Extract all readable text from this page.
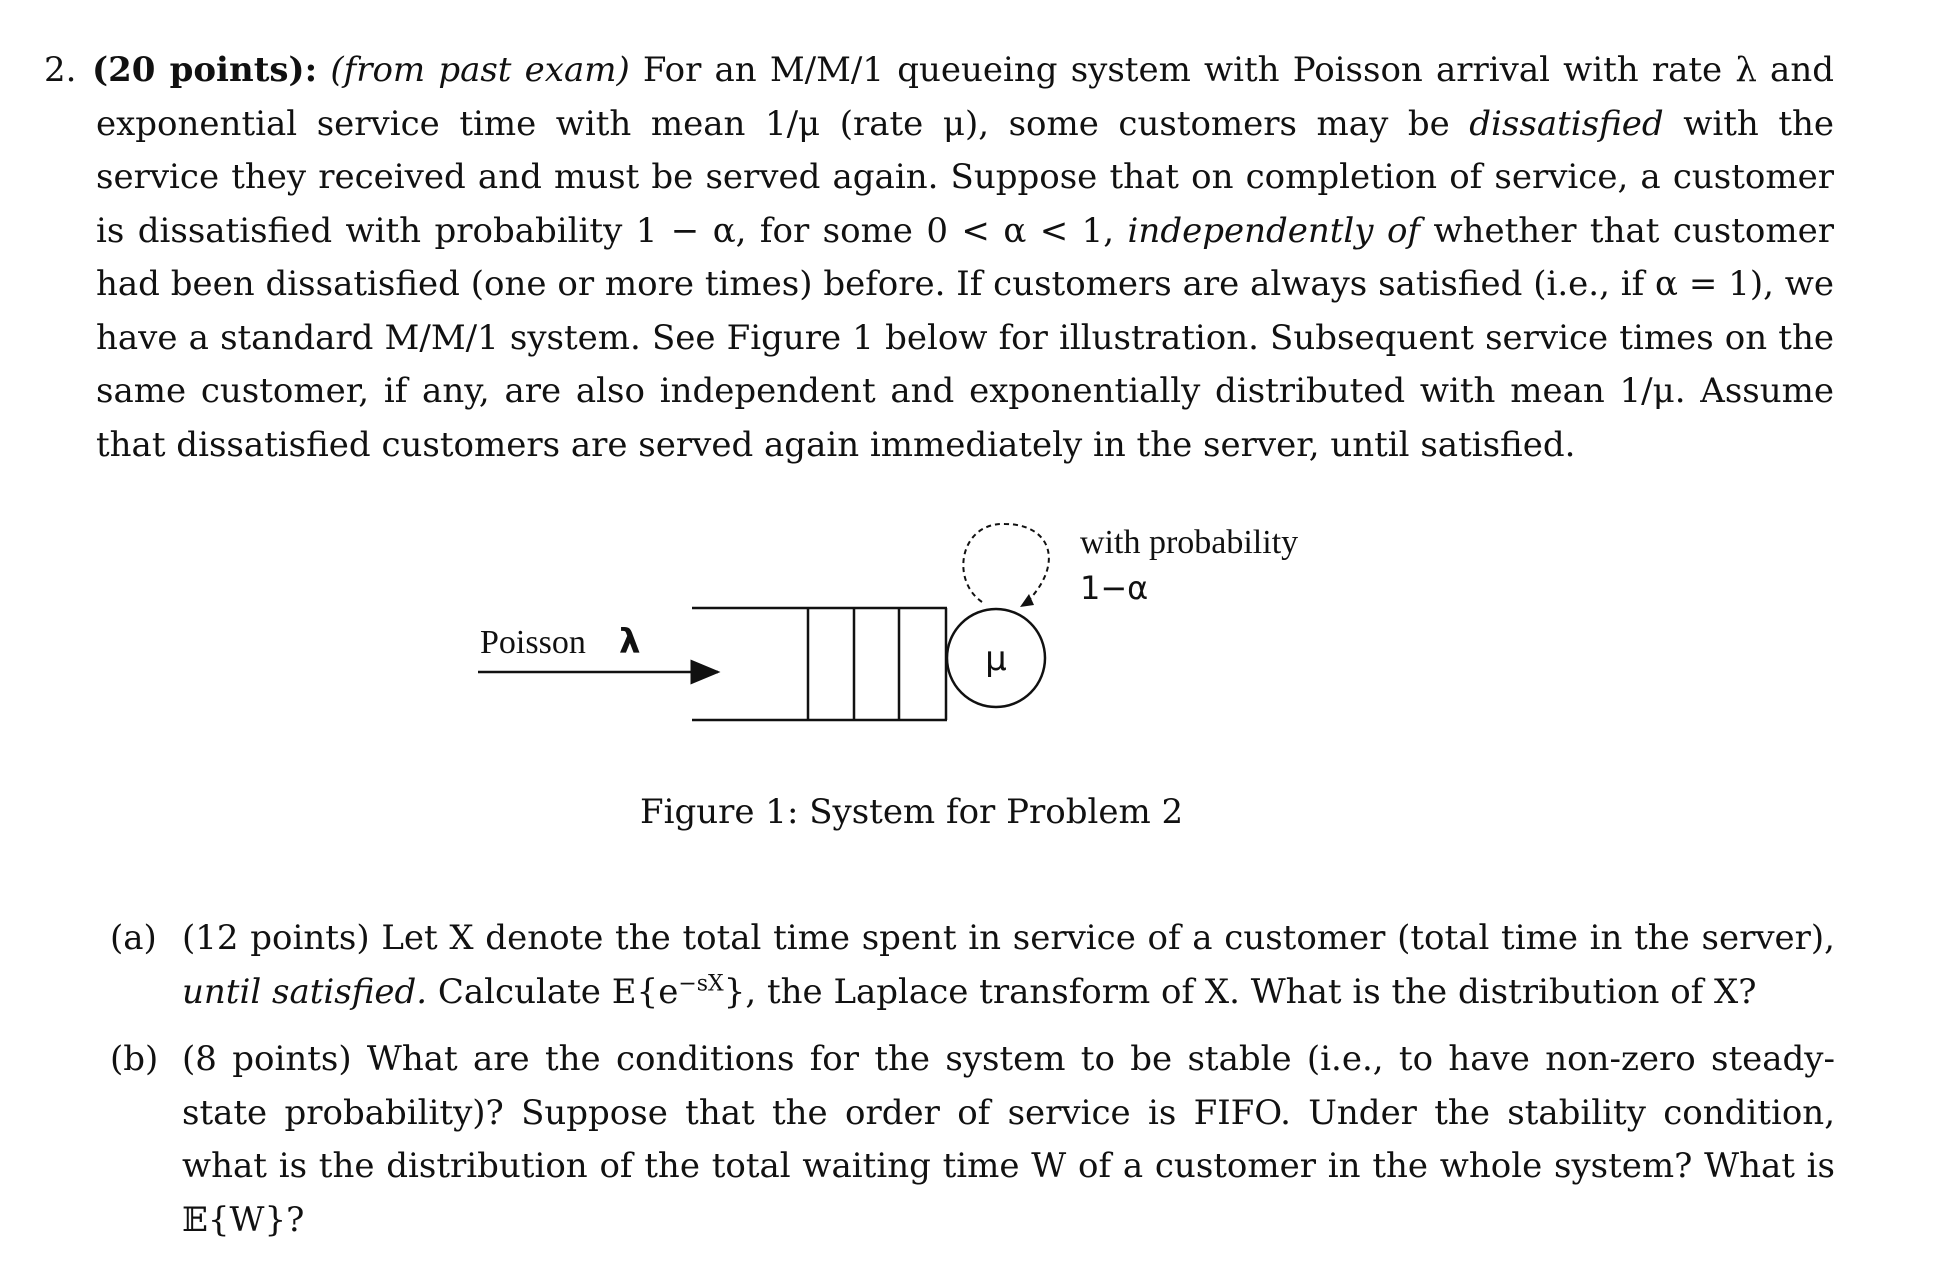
2. (20 points): (from past exam) For an M/M/1 queueing system with Poisson arrival with rate λ and exponential service time with mean 1/μ (rate μ), some customers may be dissatisfied with the service they received and must be served again. Suppose that on completion of service, a customer is dissatisfied with probability 1 − α, for some 0 < α < 1, independently of whether that customer had been dissatisfied (one or more times) before. If customers are always satisfied (i.e., if α = 1), we have a standard M/M/1 system. See Figure 1 below for illustration. Subsequent service times on the same customer, if any, are also independent and exponentially distributed with mean 1/μ. Assume that dissatisfied customers are served again immediately in the server, until satisfied.
Poisson λ	μ
with probability
1−α
Figure 1: System for Problem 2
(a) (12 points) Let X denote the total time spent in service of a customer (total time in the server), until satisfied. Calculate $E\{e^{-sX}\}$, the Laplace transform of X. What is the distribution of X?
(b) (8 points) What are the conditions for the system to be stable (i.e., to have non-zero steady-state probability)? Suppose that the order of service is FIFO. Under the stability condition, what is the distribution of the total waiting time W of a customer in the whole system? What is 𝔼{W}?
